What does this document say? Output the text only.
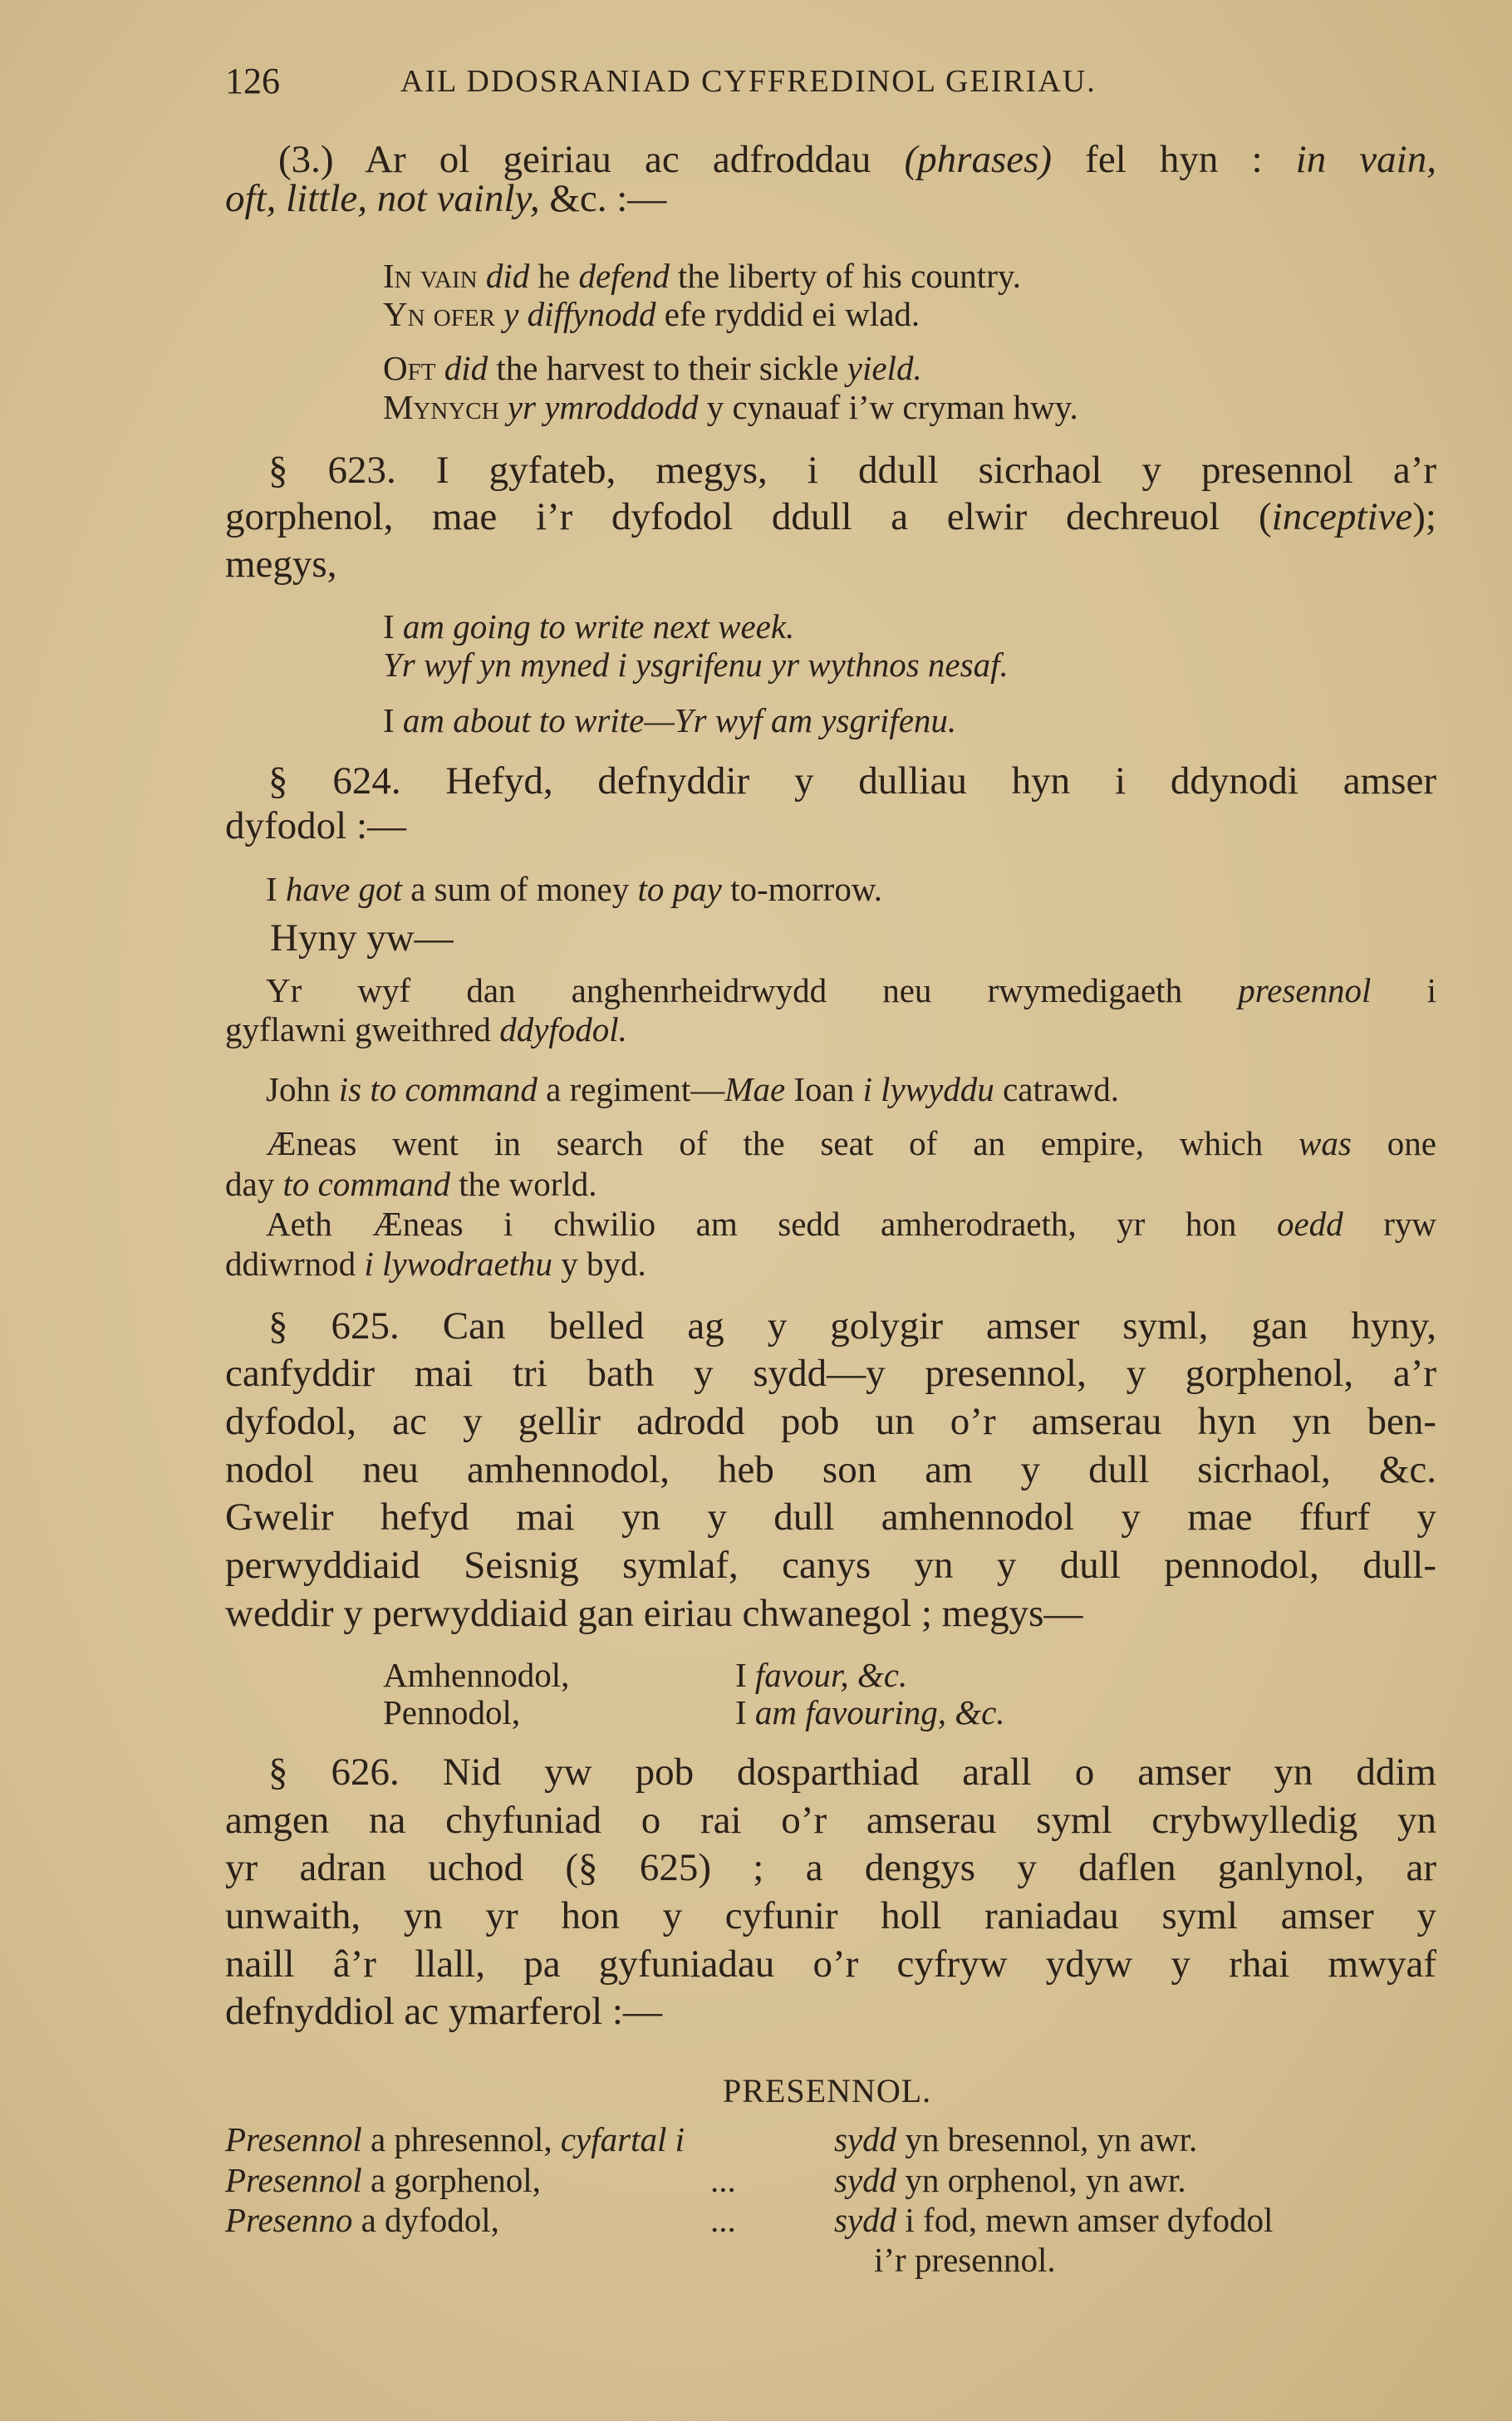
126	AIL DDOSRANIAD CYFFREDINOL GEIRIAU.
(3.) Ar ol geiriau ac adfroddau (phrases) fel hyn : in vain,
oft, little, not vainly, &c. :—
In vain did he defend the liberty of his country.
Yn ofer y diffynodd efe ryddid ei wlad.
Oft did the harvest to their sickle yield.
Mynych yr ymroddodd y cynauaf i’w cryman hwy.
§ 623. I gyfateb, megys, i ddull sicrhaol y presennol a’r
gorphenol, mae i’r dyfodol ddull a elwir dechreuol (inceptive);
megys,
I am going to write next week.
Yr wyf yn myned i ysgrifenu yr wythnos nesaf.
I am about to write—Yr wyf am ysgrifenu.
§ 624. Hefyd, defnyddir y dulliau hyn i ddynodi amser
dyfodol :—
I have got a sum of money to pay to-morrow.
Hyny yw—
Yr wyf dan anghenrheidrwydd neu rwymedigaeth presennol i
gyflawni gweithred ddyfodol.
John is to command a regiment—Mae Ioan i lywyddu catrawd.
Æneas went in search of the seat of an empire, which was one
day to command the world.
Aeth Æneas i chwilio am sedd amherodraeth, yr hon oedd ryw
ddiwrnod i lywodraethu y byd.
§ 625. Can belled ag y golygir amser syml, gan hyny,
canfyddir mai tri bath y sydd—y presennol, y gorphenol, a’r
dyfodol, ac y gellir adrodd pob un o’r amserau hyn yn ben-
nodol neu amhennodol, heb son am y dull sicrhaol, &c.
Gwelir hefyd mai yn y dull amhennodol y mae ffurf y
perwyddiaid Seisnig symlaf, canys yn y dull pennodol, dull-
weddir y perwyddiaid gan eiriau chwanegol ; megys—
Amhennodol,	I favour, &c.
Pennodol,	I am favouring, &c.
§ 626. Nid yw pob dosparthiad arall o amser yn ddim
amgen na chyfuniad o rai o’r amserau syml crybwylledig yn
yr adran uchod (§ 625) ; a dengys y daflen ganlynol, ar
unwaith, yn yr hon y cyfunir holl raniadau syml amser y
naill â’r llall, pa gyfuniadau o’r cyfryw ydyw y rhai mwyaf
defnyddiol ac ymarferol :—
PRESENNOL.
Presennol a phresennol, cyfartal i	sydd yn bresennol, yn awr.
Presennol a gorphenol,	...	sydd yn orphenol, yn awr.
Presenno a dyfodol,	...	sydd i fod, mewn amser dyfodol
i’r presennol.
